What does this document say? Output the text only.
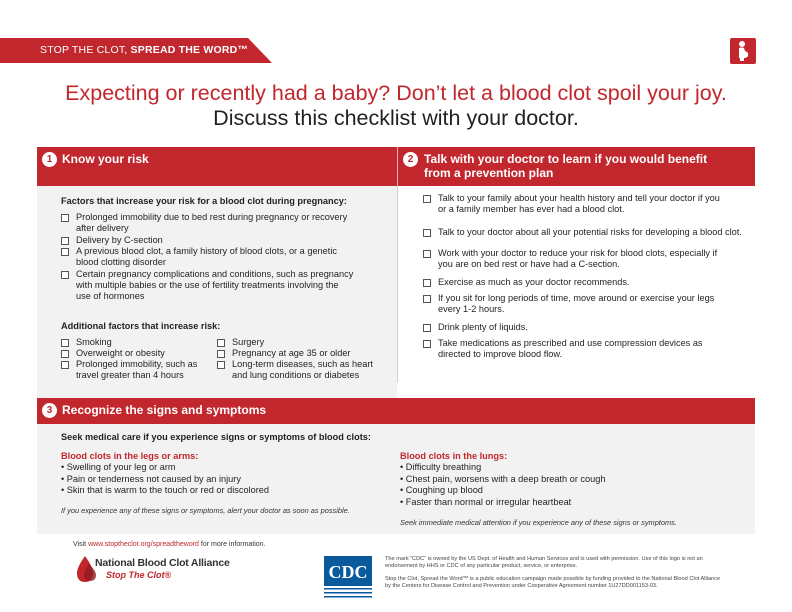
STOP THE CLOT, SPREAD THE WORD™
Expecting or recently had a baby? Don’t let a blood clot spoil your joy.
Discuss this checklist with your doctor.
1 Know your risk	2 Talk with your doctor to learn if you would benefit
from a prevention plan
Factors that increase your risk for a blood clot during pregnancy:
Prolonged immobility due to bed rest during pregnancy or recovery
after delivery
Delivery by C-section
A previous blood clot, a family history of blood clots, or a genetic
blood clotting disorder
Certain pregnancy complications and conditions, such as pregnancy
with multiple babies or the use of fertility treatments involving the
use of hormones
Additional factors that increase risk:
Smoking
Overweight or obesity
Prolonged immobility, such as
travel greater than 4 hours
Surgery
Pregnancy at age 35 or older
Long-term diseases, such as heart
and lung conditions or diabetes
Talk to your family about your health history and tell your doctor if you
or a family member has ever had a blood clot.
Talk to your doctor about all your potential risks for developing a blood clot.
Work with your doctor to reduce your risk for blood clots, especially if
you are on bed rest or have had a C-section.
Exercise as much as your doctor recommends.
If you sit for long periods of time, move around or exercise your legs
every 1-2 hours.
Drink plenty of liquids.
Take medications as prescribed and use compression devices as
directed to improve blood flow.
3 Recognize the signs and symptoms
Seek medical care if you experience signs or symptoms of blood clots:
Blood clots in the legs or arms:
• Swelling of your leg or arm
• Pain or tenderness not caused by an injury
• Skin that is warm to the touch or red or discolored
If you experience any of these signs or symptoms, alert your doctor as soon as possible.
Blood clots in the lungs:
• Difficulty breathing
• Chest pain, worsens with a deep breath or cough
• Coughing up blood
• Faster than normal or irregular heartbeat
Seek immediate medical attention if you experience any of these signs or symptoms.
Visit www.stoptheclot.org/spreadtheword for more information.
National Blood Clot Alliance
Stop The Clot®	CDC
The mark “CDC” is owned by the US Dept. of Health and Human Services and is used with permission. Use of this logo is not an endorsement by HHS or CDC of any particular product, service, or enterprise.
Stop the Clot, Spread the Word™ is a public education campaign made possible by funding provided to the National Blood Clot Alliance by the Centers for Disease Control and Prevention under Cooperative Agreement number 1U27DD001153-03.
